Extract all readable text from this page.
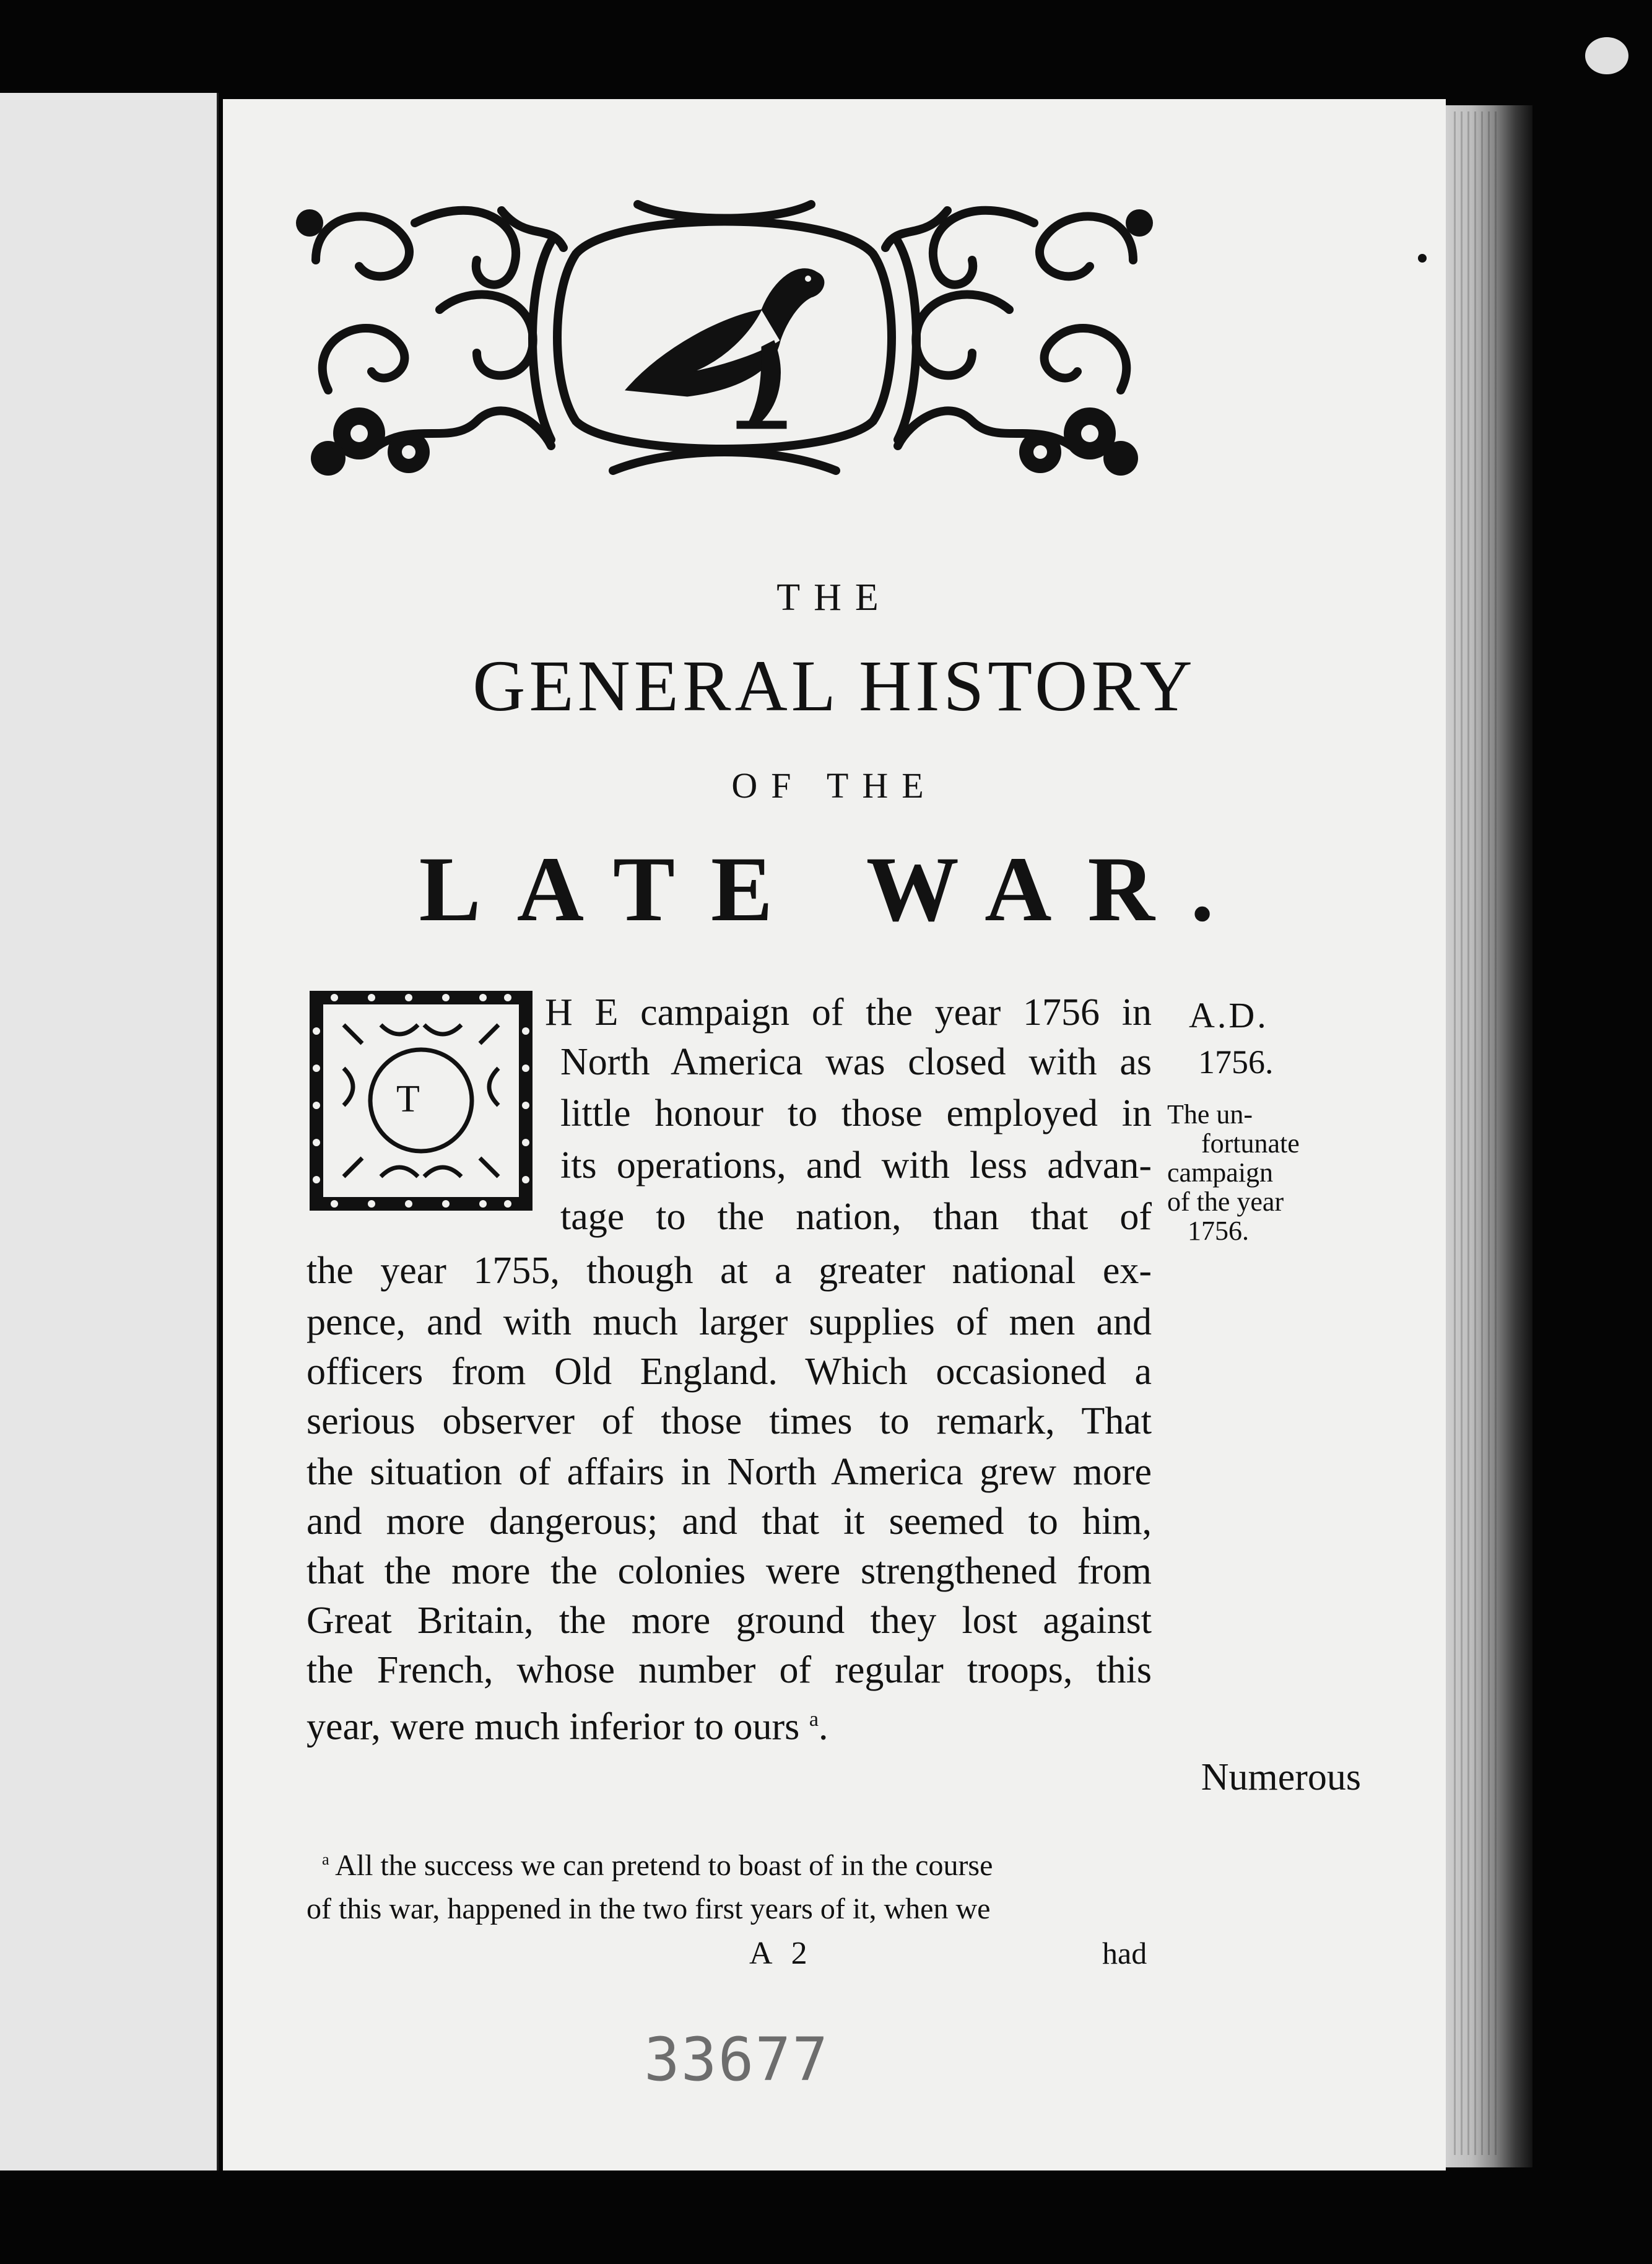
THE
GENERAL HISTORY
OF THE
LATE WAR.
T
H E campaign of the year 1756 in
North America was closed with as
little honour to those employed in
its operations, and with less advan-
tage to the nation, than that of
the year 1755, though at a greater national ex-
pence, and with much larger supplies of men and
officers from Old England. Which occasioned a
serious observer of those times to remark, That
the situation of affairs in North America grew more
and more dangerous; and that it seemed to him,
that the more the colonies were strengthened from
Great Britain, the more ground they lost against
the French, whose number of regular troops, this
year, were much inferior to ours $^a$.
Numerous
A.D.
1756.
The un-
fortunate
campaign
of the year
1756.
$^a$ All the success we can pretend to boast of in the course
of this war, happened in the two first years of it, when we
A 2	had
33677
